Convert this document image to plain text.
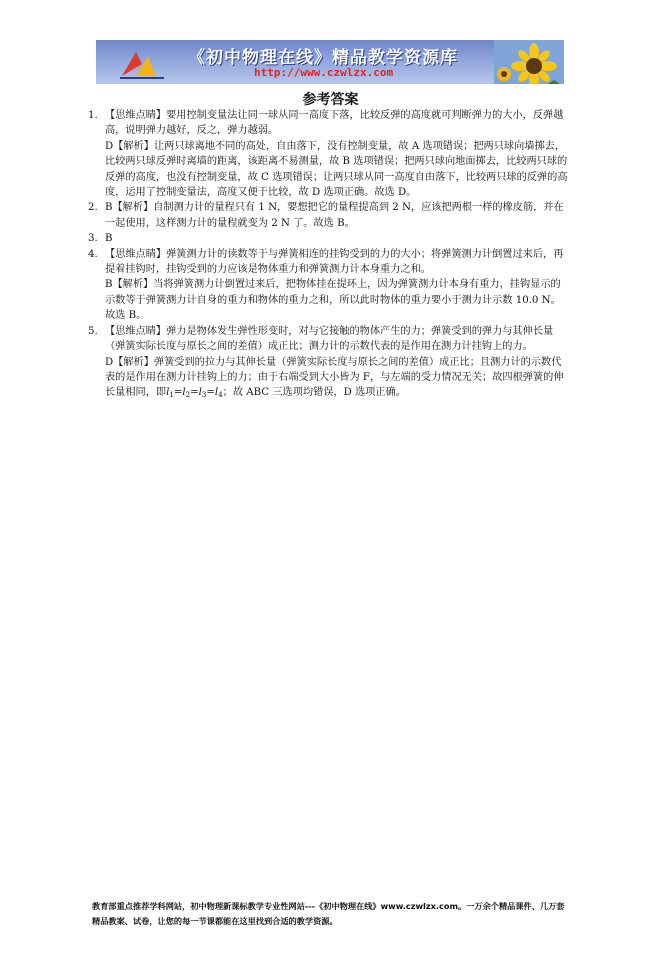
《初中物理在线》精品教学资源库
http://www.czwlzx.com
参考答案
1. 【思维点睛】要用控制变量法让同一球从同一高度下落，比较反弹的高度就可判断弹力的大小，反弹越高，说明弹力越好，反之，弹力越弱。

D【解析】让两只球离地不同的高处，自由落下，没有控制变量，故 A 选项错误；把两只球向墙掷去，比较两只球反弹时离墙的距离，该距离不易测量，故 B 选项错误；把两只球向地面掷去，比较两只球的反弹的高度，也没有控制变量，故 C 选项错误；让两只球从同一高度自由落下，比较两只球的反弹的高度，运用了控制变量法，高度又便于比较，故 D 选项正确。故选 D。

2. B【解析】自制测力计的量程只有 1 N，要想把它的量程提高到 2 N，应该把两根一样的橡皮筋，并在一起使用，这样测力计的量程就变为 2 N 了。故选 B。

3. B

4. 【思维点睛】弹簧测力计的读数等于与弹簧相连的挂钩受到的力的大小；将弹簧测力计倒置过来后，再提着挂钩时，挂钩受到的力应该是物体重力和弹簧测力计本身重力之和。

B【解析】当将弹簧测力计倒置过来后，把物体挂在提环上，因为弹簧测力计本身有重力，挂钩显示的示数等于弹簧测力计自身的重力和物体的重力之和，所以此时物体的重力要小于测力计示数 10.0 N。故选 B。

5. 【思维点睛】弹力是物体发生弹性形变时，对与它接触的物体产生的力；弹簧受到的弹力与其伸长量（弹簧实际长度与原长之间的差值）成正比；测力计的示数代表的是作用在测力计挂钩上的力。

D【解析】弹簧受到的拉力与其伸长量（弹簧实际长度与原长之间的差值）成正比；且测力计的示数代表的是作用在测力计挂钩上的力；由于右端受到大小皆为 F，与左端的受力情况无关；故四根弹簧的伸长量相同，即$l_1=l_2=l_3=l_4$；故 ABC 三选项均错误，D 选项正确。

教育部重点推荐学科网站，初中物理新课标教学专业性网站---《初中物理在线》www.czwlzx.com。一万余个精品课件、几万套精品教案、试卷，让您的每一节课都能在这里找到合适的教学资源。
